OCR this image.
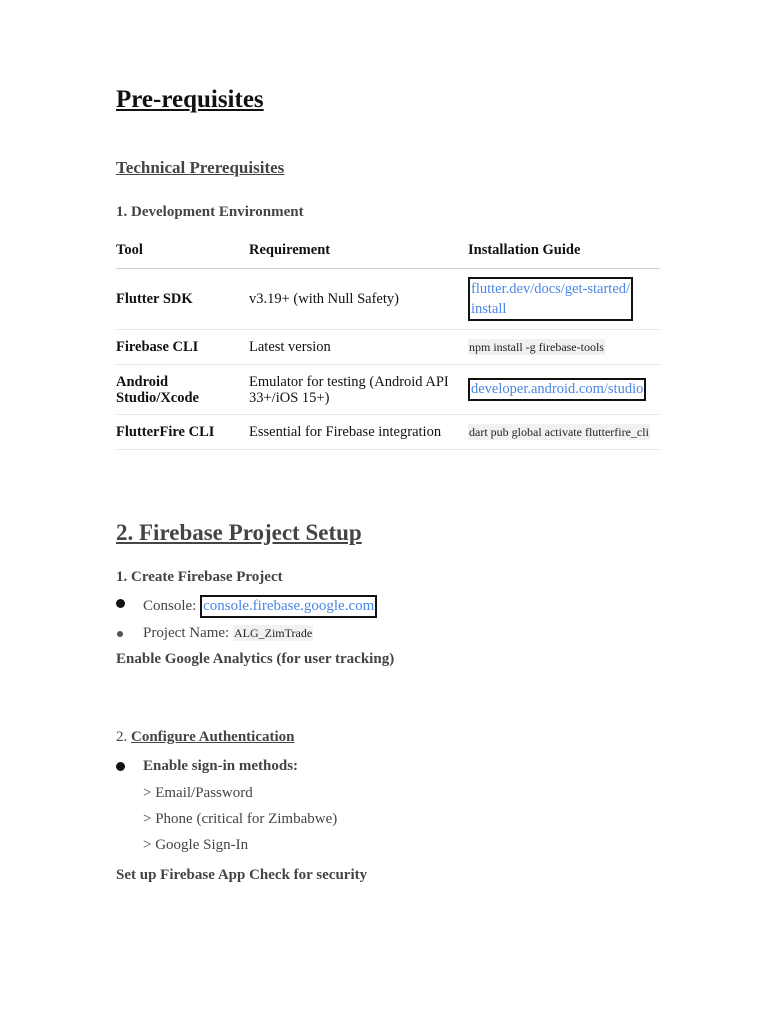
Pre-requisites
Technical Prerequisites
1. Development Environment
Tool	Requirement	Installation Guide
Flutter SDK	v3.19+ (with Null Safety)	flutter.dev/docs/get-started/
install
Firebase CLI	Latest version	npm install -g firebase-tools
Android
Studio/Xcode	Emulator for testing (Android API
33+/iOS 15+)	developer.android.com/studio
FlutterFire CLI	Essential for Firebase integration	dart pub global activate flutterfire_cli
2. Firebase Project Setup
1. Create Firebase Project
Console: console.firebase.google.com
Project Name: ALG_ZimTrade
Enable Google Analytics (for user tracking)
2. Configure Authentication
Enable sign-in methods:
> Email/Password
> Phone (critical for Zimbabwe)
> Google Sign-In
Set up Firebase App Check for security
